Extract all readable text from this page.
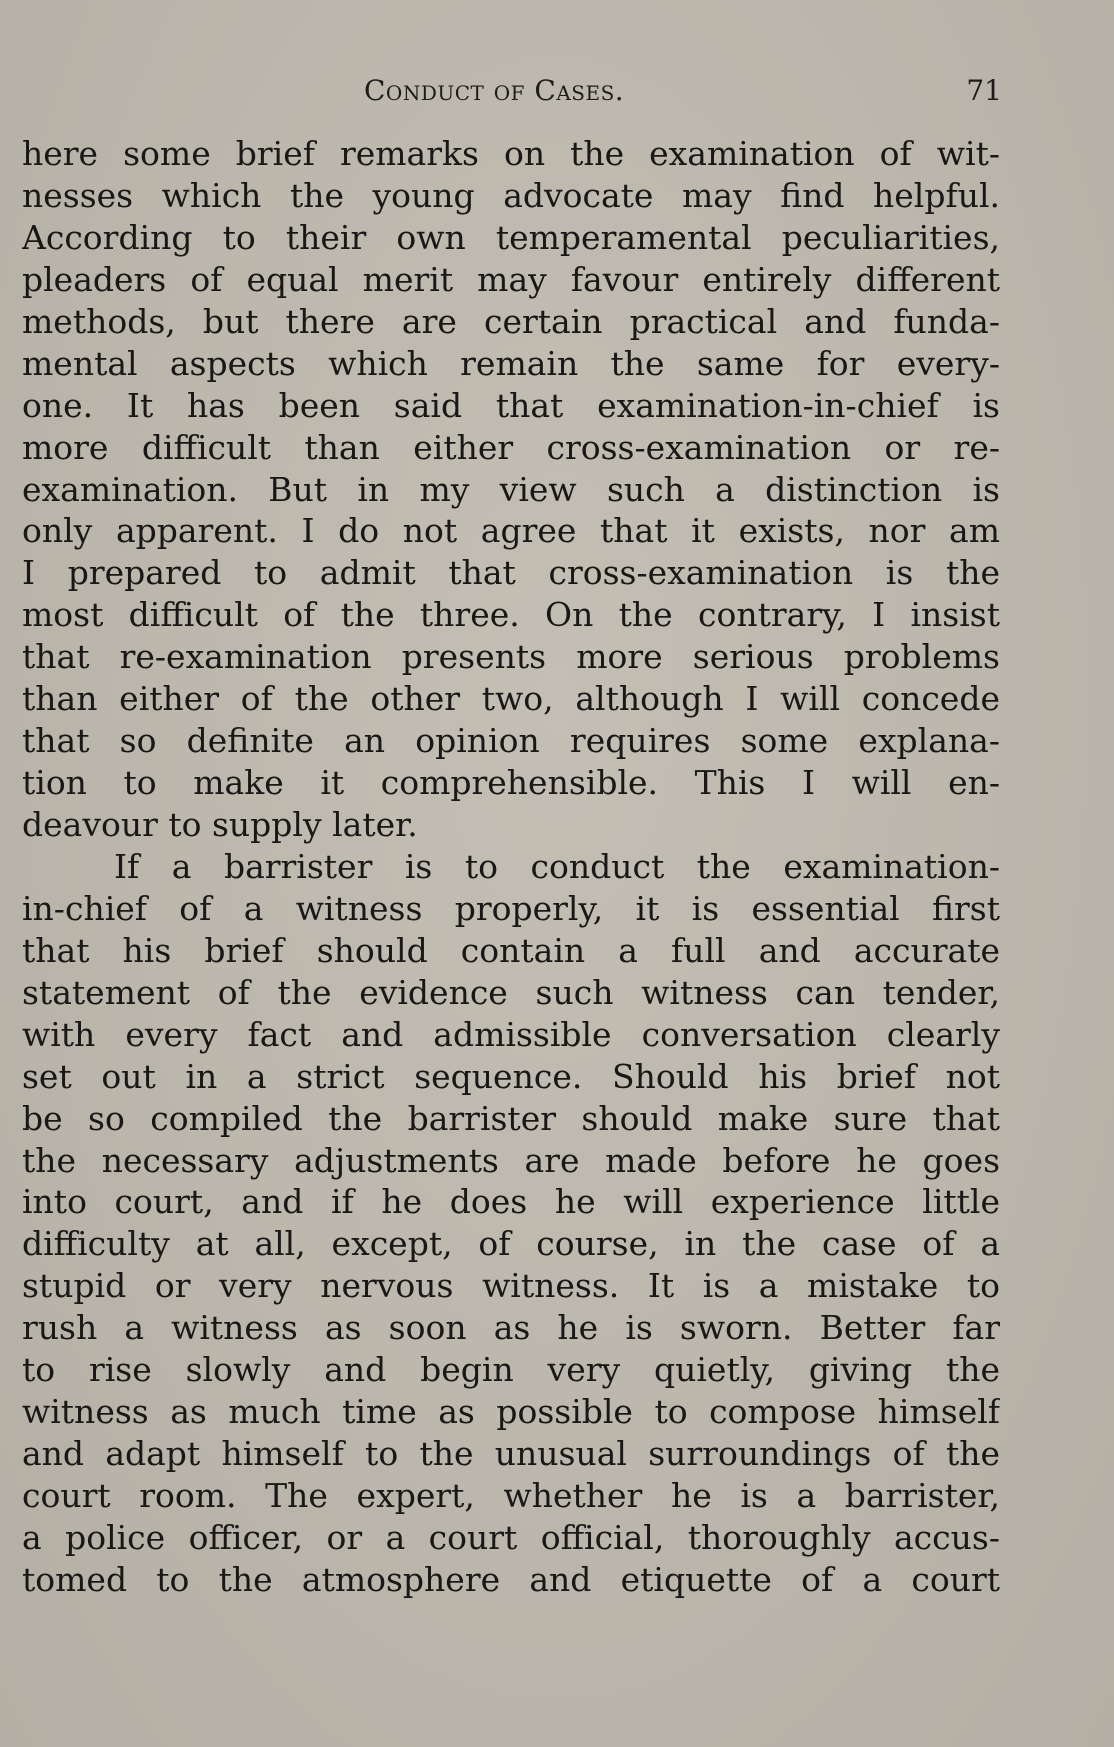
Conduct of Cases.	71
here some brief remarks on the examination of wit-
nesses which the young advocate may find helpful.
According to their own temperamental peculiarities,
pleaders of equal merit may favour entirely different
methods, but there are certain practical and funda-
mental aspects which remain the same for every-
one. It has been said that examination-in-chief is
more difficult than either cross-examination or re-
examination. But in my view such a distinction is
only apparent. I do not agree that it exists, nor am
I prepared to admit that cross-examination is the
most difficult of the three. On the contrary, I insist
that re-examination presents more serious problems
than either of the other two, although I will concede
that so definite an opinion requires some explana-
tion to make it comprehensible. This I will en-
deavour to supply later.
If a barrister is to conduct the examination-
in-chief of a witness properly, it is essential first
that his brief should contain a full and accurate
statement of the evidence such witness can tender,
with every fact and admissible conversation clearly
set out in a strict sequence. Should his brief not
be so compiled the barrister should make sure that
the necessary adjustments are made before he goes
into court, and if he does he will experience little
difficulty at all, except, of course, in the case of a
stupid or very nervous witness. It is a mistake to
rush a witness as soon as he is sworn. Better far
to rise slowly and begin very quietly, giving the
witness as much time as possible to compose himself
and adapt himself to the unusual surroundings of the
court room. The expert, whether he is a barrister,
a police officer, or a court official, thoroughly accus-
tomed to the atmosphere and etiquette of a court
